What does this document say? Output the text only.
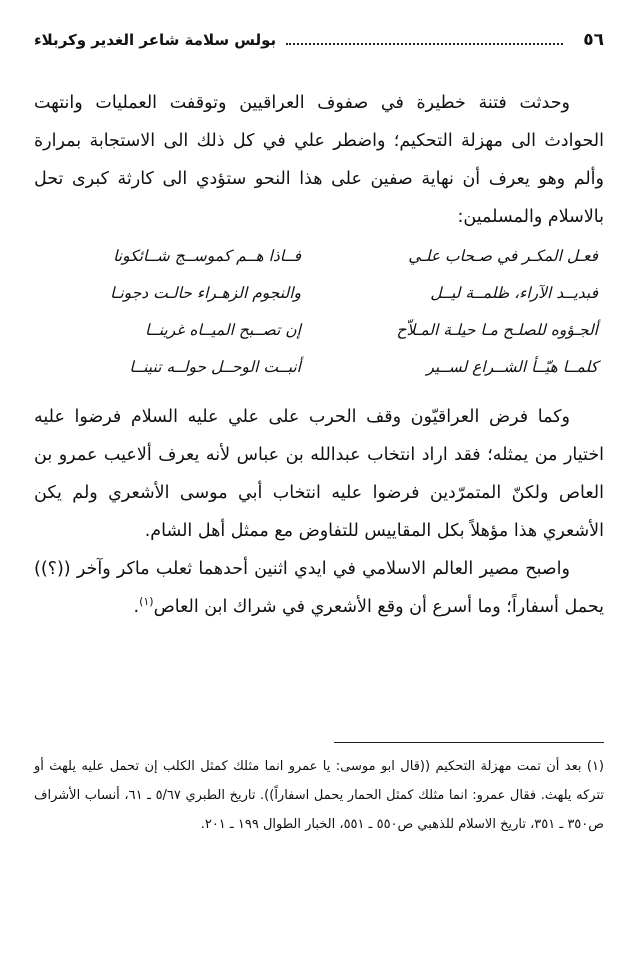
٥٦
بولس سلامة شاعر الغدير وكربلاء

وحدثت فتنة خطيرة في صفوف العراقيين وتوقفت العمليات وانتهت الحوادث الى مهزلة التحكيم؛ واضطر علي في كل ذلك الى الاستجابة بمرارة وألم وهو يعرف أن نهاية صفين على هذا النحو ستؤدي الى كارثة كبرى تحل بالاسلام والمسلمين:

فعـل المكـر في صـحاب علـي
فــاذا هــم كموســج شــائكونا
فبديــد الآراء، ظلمــة ليــل
والنجوم الزهـراء حالـت دجونـا
ألجـؤوه للصلـح مـا حيلـة المـلاّح
إن تصــبح الميــاه غرينــا
كلمــا هيّــأ الشــراع لســير
أنبــت الوحــل حولــه تنينــا

وكما فرض العراقيّون وقف الحرب على علي عليه السلام فرضوا عليه اختيار من يمثله؛ فقد اراد انتخاب عبدالله بن عباس لأنه يعرف ألاعيب عمرو بن العاص ولكنّ المتمرّدين فرضوا عليه انتخاب أبي موسى الأشعري ولم يكن الأشعري هذا مؤهلاً بكل المقاييس للتفاوض مع ممثل أهل الشام.

واصبح مصير العالم الاسلامي في ايدي اثنين أحدهما ثعلب ماكر وآخر ((؟)) يحمل أسفاراً؛ وما أسرع أن وقع الأشعري في شراك ابن العاص$^{(١)}$.

(١) بعد أن تمت مهزلة التحكيم ((قال ابو موسى: يا عمرو انما مثلك كمثل الكلب إن تحمل عليه يلهث أو تتركه يلهث. فقال عمرو: انما مثلك كمثل الحمار يحمل اسفاراً)). تاريخ الطبري ٥/٦٧ ـ ٦١، أنساب الأشراف ص٣٥٠ ـ ٣٥١، تاريخ الاسلام للذهبي ص٥٥٠ ـ ٥٥١، الخبار الطوال ١٩٩ ـ ٢٠١.
